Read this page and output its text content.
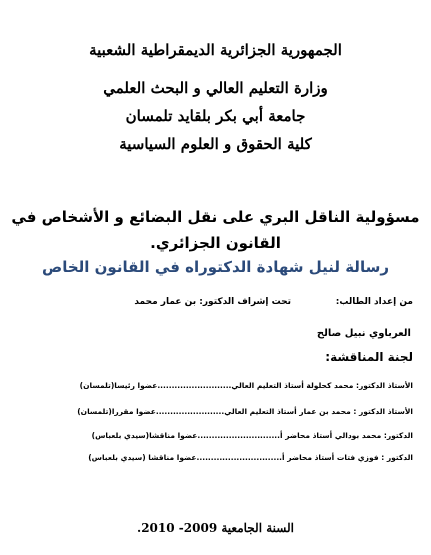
الجمهورية الجزائرية الديمقراطية الشعبية
وزارة التعليم العالي و البحث العلمي
جامعة أبي بكر بلقايد تلمسان
كلية الحقوق و العلوم السياسية
مسؤولية الناقل البري على نقل البضائع و الأشخاص في
القانون الجزائري.
رسالة لنيل شهادة الدكتوراه في القانون الخاص
من إعداد الطالب:
تحت إشراف الدكتور: بن عمار محمد
العرباوي نبيل صالح
لجنة المناقشة:
الأستاذ الدكتور: محمد كحلولة أستاذ التعليم العالي..........................عضوا رئيسا(تلمسان)
الأستاذ الدكتور : محمد بن عمار أستاذ التعليم العالي........................عضوا مقررا(تلمسان)
الدكتور: محمد بودالي أستاذ محاضر أ.............................عضوا مناقشا(سيدي بلعباس)
الدكتور : فوزي فتات أستاذ محاضر أ..............................عضوا مناقشا (سيدي بلعباس)
السنة الجامعية 2009- 2010.
